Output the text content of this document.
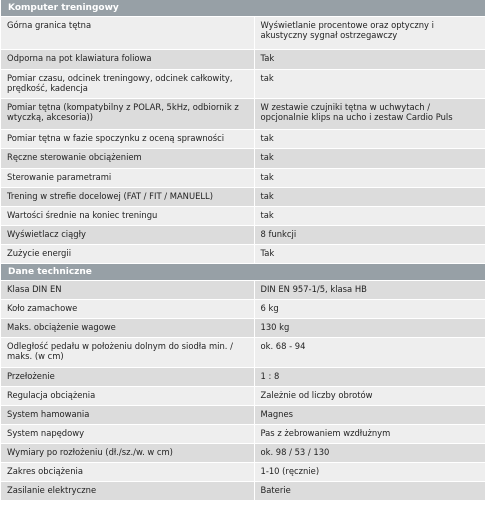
Komputer treningowy
Górna granica tętna	Wyświetlanie procentowe oraz optyczny i akustyczny sygnał ostrzegawczy
Odporna na pot klawiatura foliowa	Tak
Pomiar czasu, odcinek treningowy, odcinek całkowity, prędkość, kadencja	tak
Pomiar tętna (kompatybilny z POLAR, 5kHz, odbiornik z wtyczką, akcesoria))	W zestawie czujniki tętna w uchwytach / opcjonalnie klips na ucho i zestaw Cardio Puls
Pomiar tętna w fazie spoczynku z oceną sprawności	tak
Ręczne sterowanie obciążeniem	tak
Sterowanie parametrami	tak
Trening w strefie docelowej (FAT / FIT / MANUELL)	tak
Wartości średnie na koniec treningu	tak
Wyświetlacz ciągły	8 funkcji
Zużycie energii	Tak
Dane techniczne
Klasa DIN EN	DIN EN 957-1/5, klasa HB
Koło zamachowe	6 kg
Maks. obciążenie wagowe	130 kg
Odległość pedału w położeniu dolnym do siodła min. / maks. (w cm)	ok. 68 - 94
Przełożenie	1 : 8
Regulacja obciążenia	Zależnie od liczby obrotów
System hamowania	Magnes
System napędowy	Pas z żebrowaniem wzdłużnym
Wymiary po rozłożeniu (dł./sz./w. w cm)	ok. 98 / 53 / 130
Zakres obciążenia	1-10 (ręcznie)
Zasilanie elektryczne	Baterie
